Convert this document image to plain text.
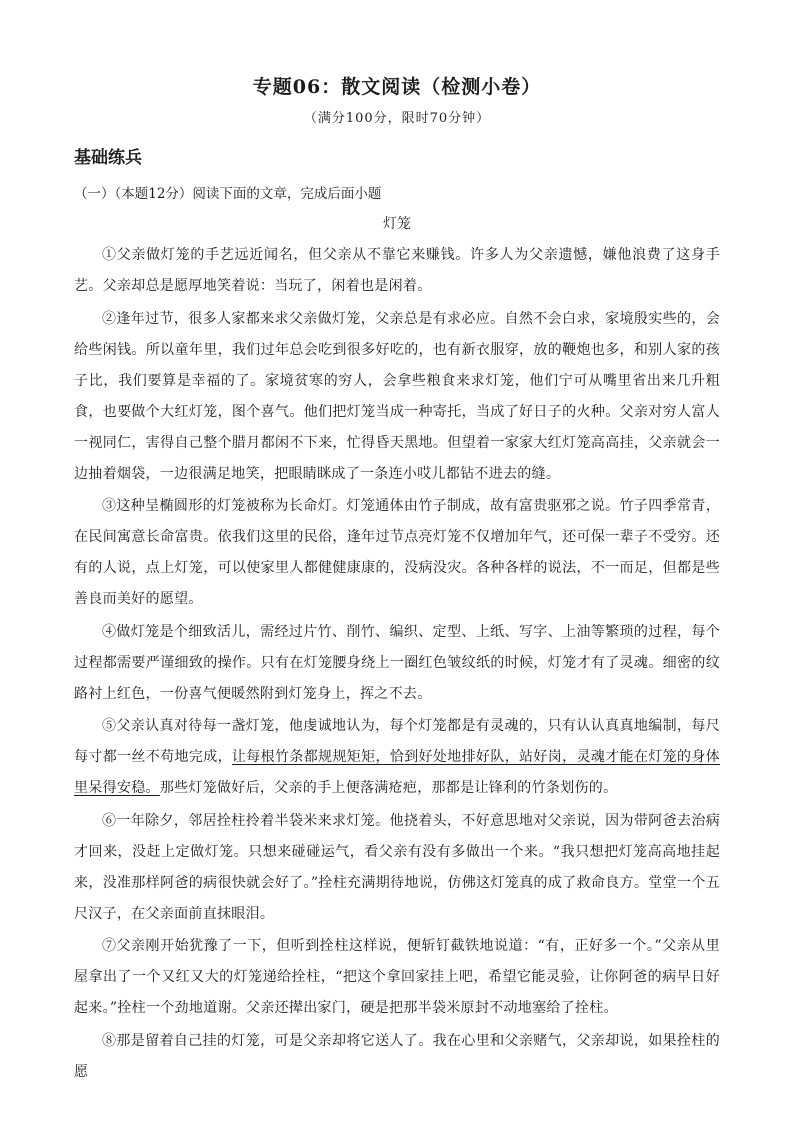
专题06：散文阅读（检测小卷）
（满分100分，限时70分钟）
基础练兵
（一）（本题12分）阅读下面的文章，完成后面小题
灯笼

①父亲做灯笼的手艺远近闻名，但父亲从不靠它来赚钱。许多人为父亲遗憾，嫌他浪费了这身手艺。父亲却总是愿厚地笑着说：当玩了，闲着也是闲着。

②逢年过节，很多人家都来求父亲做灯笼，父亲总是有求必应。自然不会白求，家境殷实些的，会给些闲钱。所以童年里，我们过年总会吃到很多好吃的，也有新衣服穿，放的鞭炮也多，和别人家的孩子比，我们要算是幸福的了。家境贫寒的穷人，会拿些粮食来求灯笼，他们宁可从嘴里省出来几升粗食，也要做个大红灯笼，图个喜气。他们把灯笼当成一种寄托，当成了好日子的火种。父亲对穷人富人一视同仁，害得自己整个腊月都闲不下来，忙得昏天黑地。但望着一家家大红灯笼高高挂，父亲就会一边抽着烟袋，一边很满足地笑，把眼睛眯成了一条连小哎儿都钻不进去的缝。

③这种呈椭圆形的灯笼被称为长命灯。灯笼通体由竹子制成，故有富贵驱邪之说。竹子四季常青，在民间寓意长命富贵。依我们这里的民俗，逢年过节点亮灯笼不仅增加年气，还可保一辈子不受穷。还有的人说，点上灯笼，可以使家里人都健健康康的，没病没灾。各种各样的说法，不一而足，但都是些善良而美好的愿望。

④做灯笼是个细致活儿，需经过片竹、削竹、编织、定型、上纸、写字、上油等繁琐的过程，每个过程都需要严谨细致的操作。只有在灯笼腰身绕上一圈红色皱纹纸的时候，灯笼才有了灵魂。细密的纹路衬上红色，一份喜气便暖然附到灯笼身上，挥之不去。

⑤父亲认真对待每一盏灯笼，他虔诚地认为，每个灯笼都是有灵魂的，只有认认真真地编制，每尺每寸都一丝不苟地完成，让每根竹条都规规矩矩，恰到好处地排好队，站好岗，灵魂才能在灯笼的身体里呆得安稳。那些灯笼做好后，父亲的手上便落满疮疤，那都是让锋利的竹条划伤的。

⑥一年除夕，邻居拴柱拎着半袋米来求灯笼。他挠着头，不好意思地对父亲说，因为带阿爸去治病才回来，没赶上定做灯笼。只想来碰碰运气，看父亲有没有多做出一个来。“我只想把灯笼高高地挂起来，没准那样阿爸的病很快就会好了。”拴柱充满期待地说，仿佛这灯笼真的成了救命良方。堂堂一个五尺汉子，在父亲面前直抹眼泪。

⑦父亲刚开始犹豫了一下，但听到拴柱这样说，便斩钉截铁地说道：“有，正好多一个。”父亲从里屋拿出了一个又红又大的灯笼递给拴柱，“把这个拿回家挂上吧，希望它能灵验，让你阿爸的病早日好起来。”拴柱一个劲地道谢。父亲还撵出家门，硬是把那半袋米原封不动地塞给了拴柱。

⑧那是留着自己挂的灯笼，可是父亲却将它送人了。我在心里和父亲赌气，父亲却说，如果拴柱的愿
